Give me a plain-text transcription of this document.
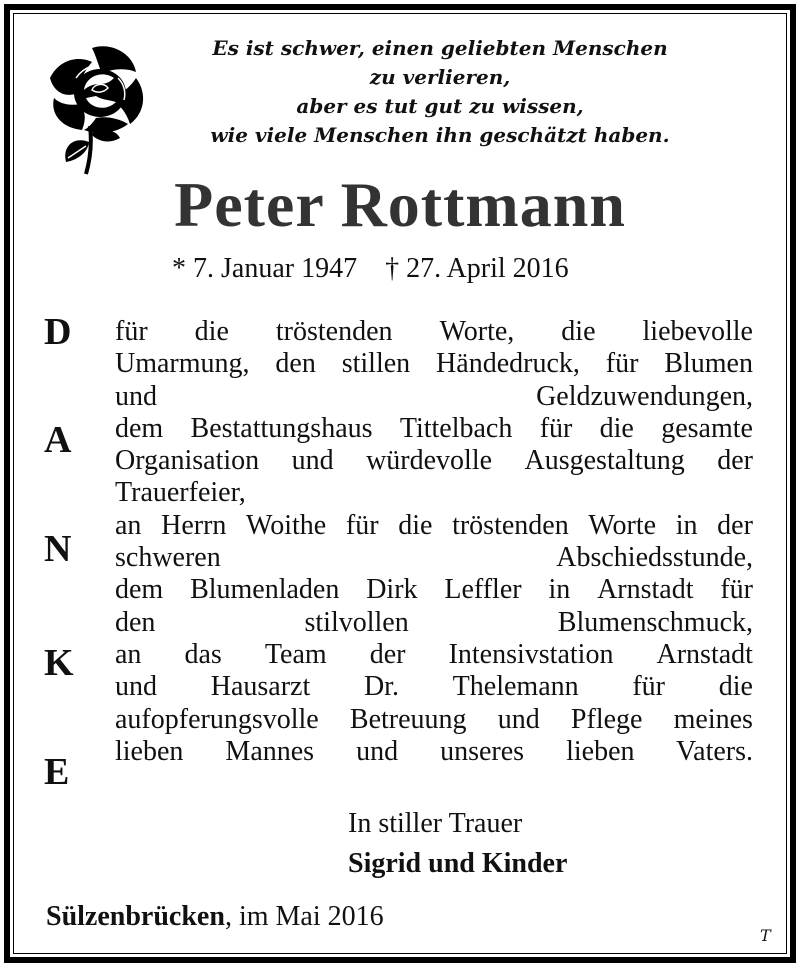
Es ist schwer, einen geliebten Menschen
zu verlieren,
aber es tut gut zu wissen,
wie viele Menschen ihn geschätzt haben.
Peter Rottmann
* 7. Januar 1947 † 27. April 2016
D
A
N
K
E
für die tröstenden Worte, die liebevolle
Umarmung, den stillen Händedruck, für Blumen
und Geldzuwendungen,
dem Bestattungshaus Tittelbach für die gesamte
Organisation und würdevolle Ausgestaltung der
Trauerfeier,
an Herrn Woithe für die tröstenden Worte in der
schweren Abschiedsstunde,
dem Blumenladen Dirk Leffler in Arnstadt für
den stilvollen Blumenschmuck,
an das Team der Intensivstation Arnstadt
und Hausarzt Dr. Thelemann für die
aufopferungsvolle Betreuung und Pflege meines
lieben Mannes und unseres lieben Vaters.
In stiller Trauer
Sigrid und Kinder
Sülzenbrücken, im Mai 2016
T
